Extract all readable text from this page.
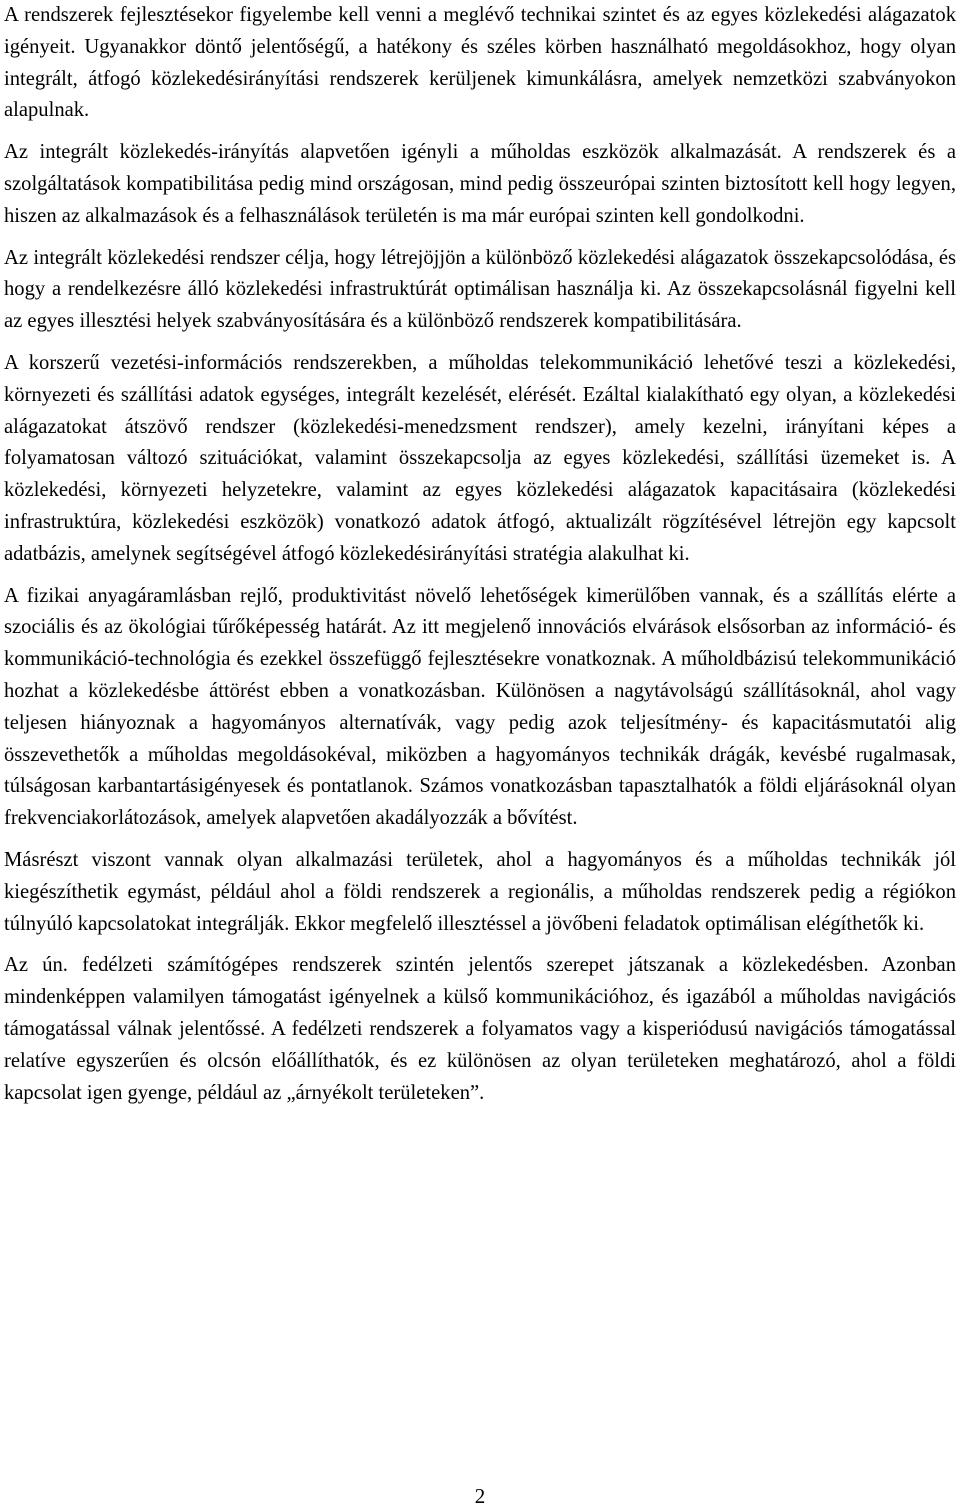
A rendszerek fejlesztésekor figyelembe kell venni a meglévő technikai szintet és az egyes közlekedési alágazatok igényeit. Ugyanakkor döntő jelentőségű, a hatékony és széles körben használható megoldásokhoz, hogy olyan integrált, átfogó közlekedésirányítási rendszerek kerüljenek kimunkálásra, amelyek nemzetközi szabványokon alapulnak.

Az integrált közlekedés-irányítás alapvetően igényli a műholdas eszközök alkalmazását. A rendszerek és a szolgáltatások kompatibilitása pedig mind országosan, mind pedig összeurópai szinten biztosított kell hogy legyen, hiszen az alkalmazások és a felhasználások területén is ma már európai szinten kell gondolkodni.

Az integrált közlekedési rendszer célja, hogy létrejöjjön a különböző közlekedési alágazatok összekapcsolódása, és hogy a rendelkezésre álló közlekedési infrastruktúrát optimálisan használja ki. Az összekapcsolásnál figyelni kell az egyes illesztési helyek szabványosítására és a különböző rendszerek kompatibilitására.

A korszerű vezetési-információs rendszerekben, a műholdas telekommunikáció lehetővé teszi a közlekedési, környezeti és szállítási adatok egységes, integrált kezelését, elérését. Ezáltal kialakítható egy olyan, a közlekedési alágazatokat átszövő rendszer (közlekedési-menedzsment rendszer), amely kezelni, irányítani képes a folyamatosan változó szituációkat, valamint összekapcsolja az egyes közlekedési, szállítási üzemeket is. A közlekedési, környezeti helyzetekre, valamint az egyes közlekedési alágazatok kapacitásaira (közlekedési infrastruktúra, közlekedési eszközök) vonatkozó adatok átfogó, aktualizált rögzítésével létrejön egy kapcsolt adatbázis, amelynek segítségével átfogó közlekedésirányítási stratégia alakulhat ki.

A fizikai anyagáramlásban rejlő, produktivitást növelő lehetőségek kimerülőben vannak, és a szállítás elérte a szociális és az ökológiai tűrőképesség határát. Az itt megjelenő innovációs elvárások elsősorban az információ- és kommunikáció-technológia és ezekkel összefüggő fejlesztésekre vonatkoznak. A műholdbázisú telekommunikáció hozhat a közlekedésbe áttörést ebben a vonatkozásban. Különösen a nagytávolságú szállításoknál, ahol vagy teljesen hiányoznak a hagyományos alternatívák, vagy pedig azok teljesítmény- és kapacitásmutatói alig összevethetők a műholdas megoldásokéval, miközben a hagyományos technikák drágák, kevésbé rugalmasak, túlságosan karbantartásigényesek és pontatlanok. Számos vonatkozásban tapasztalhatók a földi eljárásoknál olyan frekvenciakorlátozások, amelyek alapvetően akadályozzák a bővítést.

Másrészt viszont vannak olyan alkalmazási területek, ahol a hagyományos és a műholdas technikák jól kiegészíthetik egymást, például ahol a földi rendszerek a regionális, a műholdas rendszerek pedig a régiókon túlnyúló kapcsolatokat integrálják. Ekkor megfelelő illesztéssel a jövőbeni feladatok optimálisan elégíthetők ki.

Az ún. fedélzeti számítógépes rendszerek szintén jelentős szerepet játszanak a közlekedésben. Azonban mindenképpen valamilyen támogatást igényelnek a külső kommunikációhoz, és igazából a műholdas navigációs támogatással válnak jelentőssé. A fedélzeti rendszerek a folyamatos vagy a kisperiódusú navigációs támogatással relatíve egyszerűen és olcsón előállíthatók, és ez különösen az olyan területeken meghatározó, ahol a földi kapcsolat igen gyenge, például az „árnyékolt területeken”.

2
